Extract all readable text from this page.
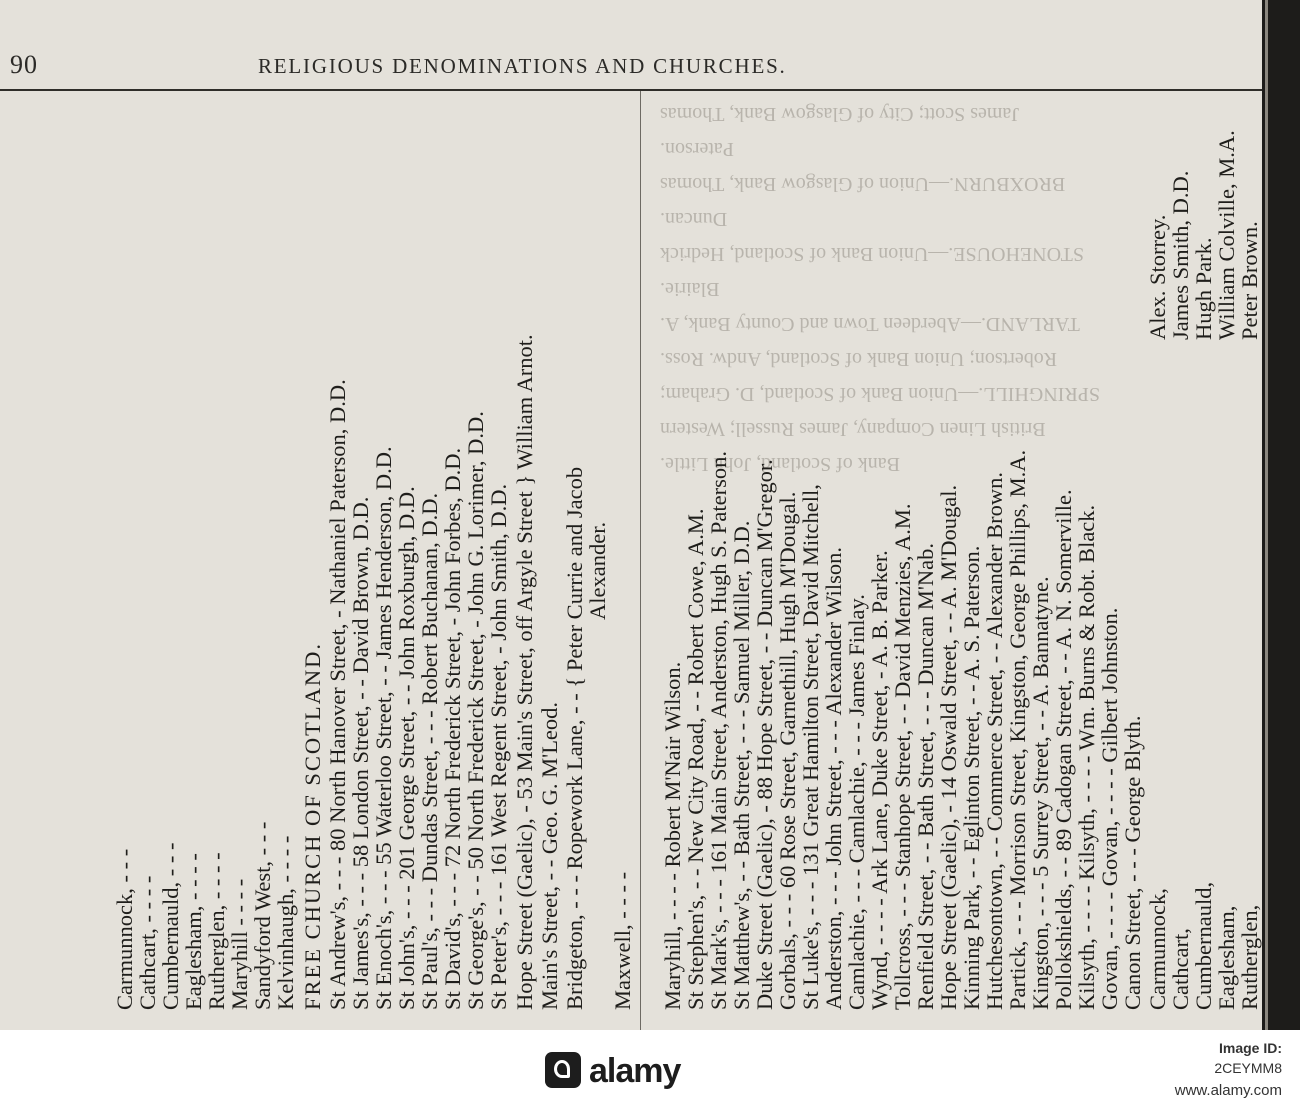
90	RELIGIOUS DENOMINATIONS AND CHURCHES.
James Scott; City of Glasgow Bank, Thomas
Paterson.
BROXBURN.—Union of Glasgow Bank, Thomas
Duncan.
STONEHOUSE.—Union Bank of Scotland, Hedrick
Blairie.
TARLAND.—Aberdeen Town and County Bank, A.
Robertson; Union Bank of Scotland, Andw. Ross.
SPRINGHILL.—Union Bank of Scotland, D. Graham;
British Linen Company, James Russell; Western
Bank of Scotland, John Little.
Carmunnock, - - -
Cathcart, - - - -
Cumbernauld, - - -
Eaglesham, - - - -
Rutherglen, - - - -
Maryhill - - - -
Sandyford West, - - -
Kelvinhaugh, - - - - FREE CHURCH OF SCOTLAND. St Andrew's, - - - 80 North Hanover Street, - Nathaniel Paterson, D.D.
St James's, - - - 58 London Street, - - David Brown, D.D.
St Enoch's, - - - 55 Waterloo Street, - - James Henderson, D.D.
St John's, - - - 201 George Street, - - John Roxburgh, D.D.
St Paul's, - - - Dundas Street, - - - Robert Buchanan, D.D.
St David's, - - - 72 North Frederick Street, - John Forbes, D.D.
St George's, - - 50 North Frederick Street, - John G. Lorimer, D.D.
St Peter's, - - - 161 West Regent Street, - John Smith, D.D. Hope Street (Gaelic), - 53 Main's Street, off Argyle Street } William Arnot. Main's Street, - - Geo. G. M'Leod. Bridgeton, - - - Ropework Lane, - - { Peter Currie and Jacob
Alexander.
Maxwell, - - - - Maryhill, - - - - Robert M'Nair Wilson.
St Stephen's, - - New City Road, - - Robert Cowe, A.M.
St Mark's, - - - 161 Main Street, Anderston, Hugh S. Paterson.
St Matthew's, - - Bath Street, - - - Samuel Miller, D.D.
Duke Street (Gaelic), - 88 Hope Street, - - Duncan M'Gregor.
Gorbals, - - - 60 Rose Street, Garnethill, Hugh M'Dougal.
St Luke's, - - - 131 Great Hamilton Street, David Mitchell,
Anderston, - - - John Street, - - - Alexander Wilson.
Camlachie, - - - Camlachie, - - - James Finlay.
Wynd, - - - - Ark Lane, Duke Street, - A. B. Parker.
Tollcross, - - - Stanhope Street, - - David Menzies, A.M.
Renfield Street, - - Bath Street, - - - Duncan M'Nab.
Hope Street (Gaelic), - 14 Oswald Street, - - A. M'Dougal.
Kinning Park, - - Eglinton Street, - - A. S. Paterson.
Hutchesontown, - - Commerce Street, - - Alexander Brown.
Partick, - - - Morrison Street, Kingston, George Phillips, M.A.
Kingston, - - - 5 Surrey Street, - - A. Bannatyne.
Pollokshields, - - 89 Cadogan Street, - - A. N. Somerville.
Kilsyth, - - - - Kilsyth, - - - - Wm. Burns & Robt. Black.
Govan, - - - - Govan, - - - - Gilbert Johnston.
Canon Street, - - - George Blyth.
Alex. Storrey.
James Smith, D.D.
Hugh Park.
William Colville, M.A.
Peter Brown.
Carmunnock,
Cathcart,
Cumbernauld,
Eaglesham,
Rutherglen,
alamy
Image ID:
2CEYMM8
www.alamy.com
